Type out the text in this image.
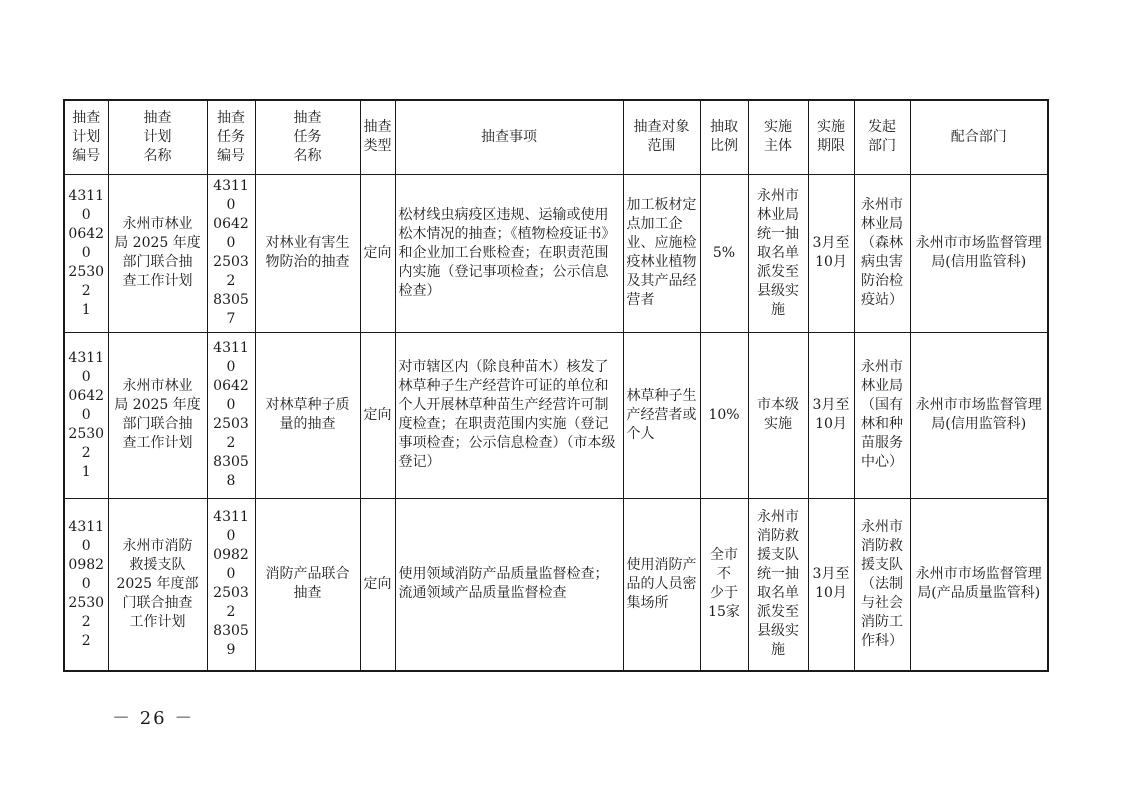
抽查
计划
编号	抽查
计划
名称	抽查
任务
编号	抽查
任务
名称	抽查
类型	抽查事项	抽查对象
范围	抽取
比例	实施
主体	实施
期限	发起
部门	配合部门

43110
06420
25302
1	永州市林业
局 2025 年度
部门联合抽
查工作计划	43110
06420
25032
83057	对林业有害生
物防治的抽查	定向	松材线虫病疫区违规、运输或使用松木情况的抽查；《植物检疫证书》和企业加工台账检查；在职责范围内实施（登记事项检查；公示信息检查）	加工板材定点加工企业、应施检疫林业植物及其产品经营者	5%	永州市林业局统一抽取名单派发至县级实施	3月至
10月	永州市林业局（森林病虫害防治检疫站）	永州市市场监督管理局(信用监管科)

43110
06420
25302
1	永州市林业
局 2025 年度
部门联合抽
查工作计划	43110
06420
25032
83058	对林草种子质
量的抽查	定向	对市辖区内（除良种苗木）核发了林草种子生产经营许可证的单位和个人开展林草种苗生产经营许可制度检查；在职责范围内实施（登记事项检查；公示信息检查）（市本级登记）	林草种子生产经营者或个人	10%	市本级
实施	3月至
10月	永州市林业局（国有林和种苗服务中心）	永州市市场监督管理局(信用监管科)

43110
09820
25302
2	永州市消防
救援支队
2025 年度部
门联合抽查
工作计划	43110
09820
25032
83059	消防产品联合
抽查	定向	使用领域消防产品质量监督检查；流通领域产品质量监督检查	使用消防产品的人员密集场所	全市不
少于
15家	永州市消防救援支队统一抽取名单派发至县级实施	3月至
10月	永州市消防救援支队（法制与社会消防工作科）	永州市市场监督管理局(产品质量监管科)
－ 26 －
